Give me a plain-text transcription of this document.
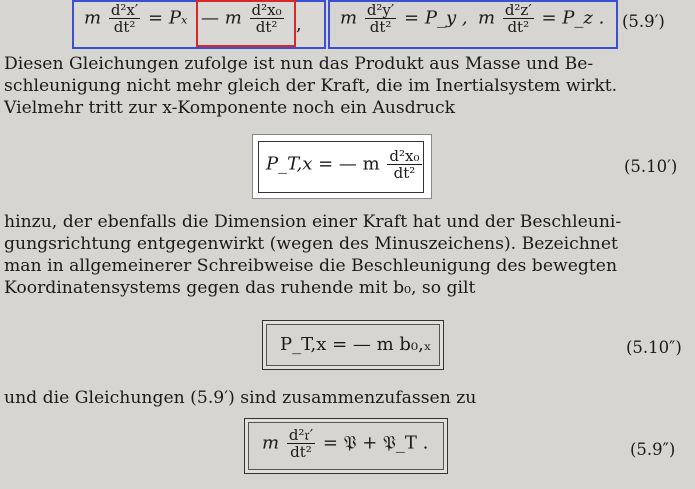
m $\frac{\text{d²x′}}{\text{dt²}} = P_x$ — m $\frac{\text{d²x₀}}{\text{dt²}}$ , m $\frac{\text{d²y′}}{\text{dt²}}$ = P_y , m $\frac{\text{d²z′}}{\text{dt²}}$ = P_z . (5.9′)
Diesen Gleichungen zufolge ist nun das Produkt aus Masse und Be-
schleunigung nicht mehr gleich der Kraft, die im Inertialsystem wirkt.
Vielmehr tritt zur x-Komponente noch ein Ausdruck
P_T,x = — m $\frac{\text{d²x₀}}{\text{dt²}}$	(5.10′)
hinzu, der ebenfalls die Dimension einer Kraft hat und der Beschleuni-
gungsrichtung entgegenwirkt (wegen des Minuszeichens). Bezeichnet
man in allgemeinerer Schreibweise die Beschleunigung des bewegten
Koordinatensystems gegen das ruhende mit b₀, so gilt
P_T,x = — m b₀,ₓ	(5.10″)
und die Gleichungen (5.9′) sind zusammenzufassen zu
m $\frac{\text{d²𝔯′}}{\text{dt²}}$ = 𝔓 + 𝔓_T .	(5.9″)
